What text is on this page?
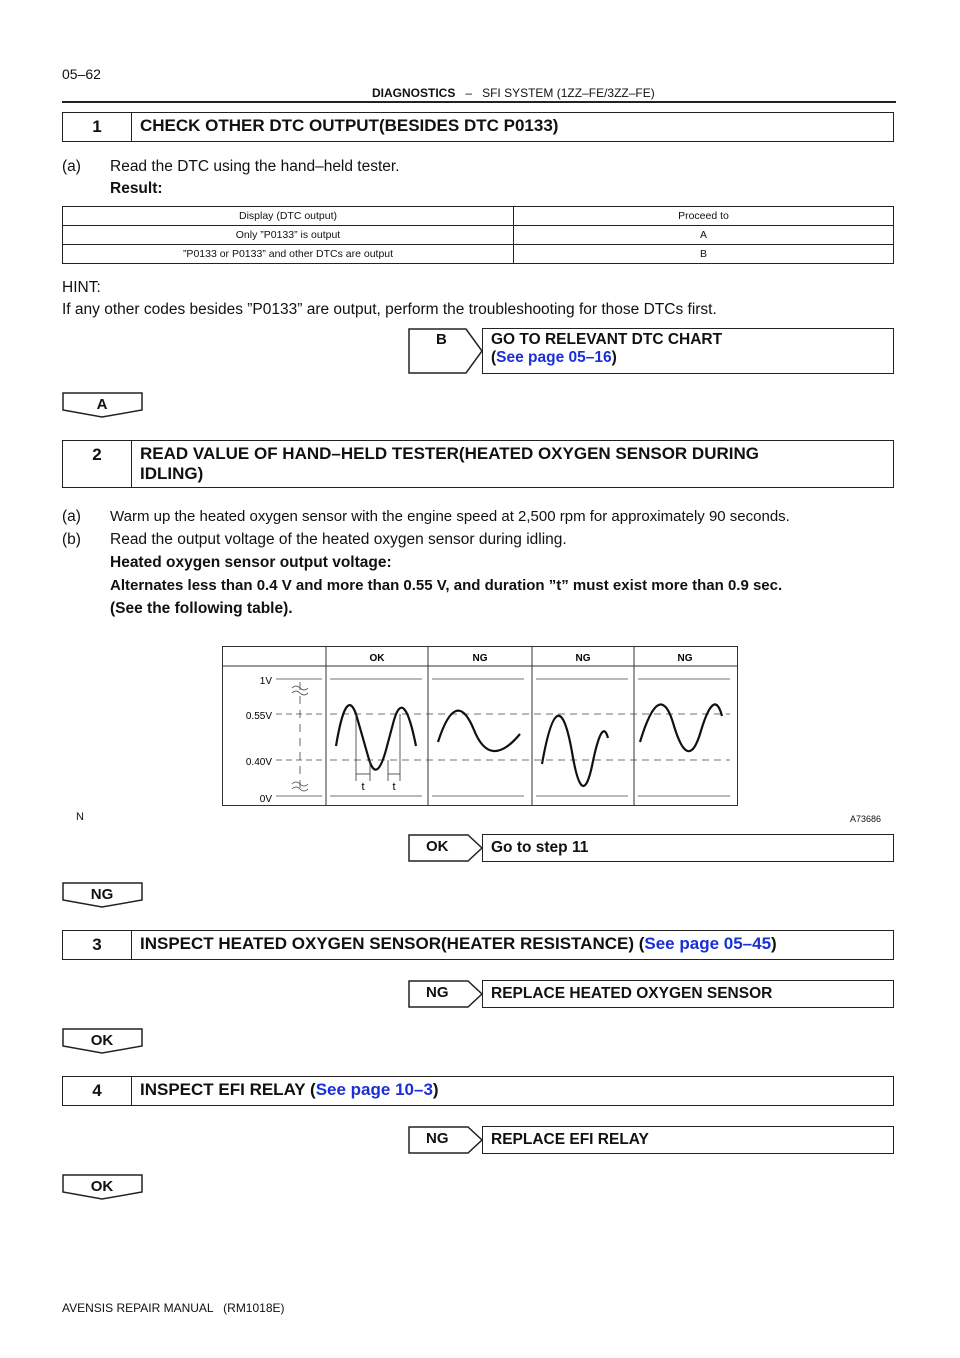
05–62
DIAGNOSTICS – SFI SYSTEM (1ZZ–FE/3ZZ–FE)
1	CHECK OTHER DTC OUTPUT(BESIDES DTC P0133)
(a) Read the DTC using the hand–held tester.
Result:
Display (DTC output)	Proceed to
Only ”P0133” is output	A
”P0133 or P0133” and other DTCs are output	B
HINT:
If any other codes besides ”P0133” are output, perform the troubleshooting for those DTCs first.
B	GO TO RELEVANT DTC CHART
(See page 05–16)
A
2	READ VALUE OF HAND–HELD TESTER(HEATED OXYGEN SENSOR DURING
IDLING)
(a) Warm up the heated oxygen sensor with the engine speed at 2,500 rpm for approximately 90 seconds.
(b) Read the output voltage of the heated oxygen sensor during idling.
Heated oxygen sensor output voltage:
Alternates less than 0.4 V and more than 0.55 V, and duration ”t” must exist more than 0.9 sec.
(See the following table).
OK	NG	NG	NG
1V
0.55V
0.40V
0V
t	t
N	A73686
OK	Go to step 11
NG
3	INSPECT HEATED OXYGEN SENSOR(HEATER RESISTANCE) (See page 05–45)
NG	REPLACE HEATED OXYGEN SENSOR
OK
4	INSPECT EFI RELAY (See page 10–3)
NG	REPLACE EFI RELAY
OK
AVENSIS REPAIR MANUAL   (RM1018E)
